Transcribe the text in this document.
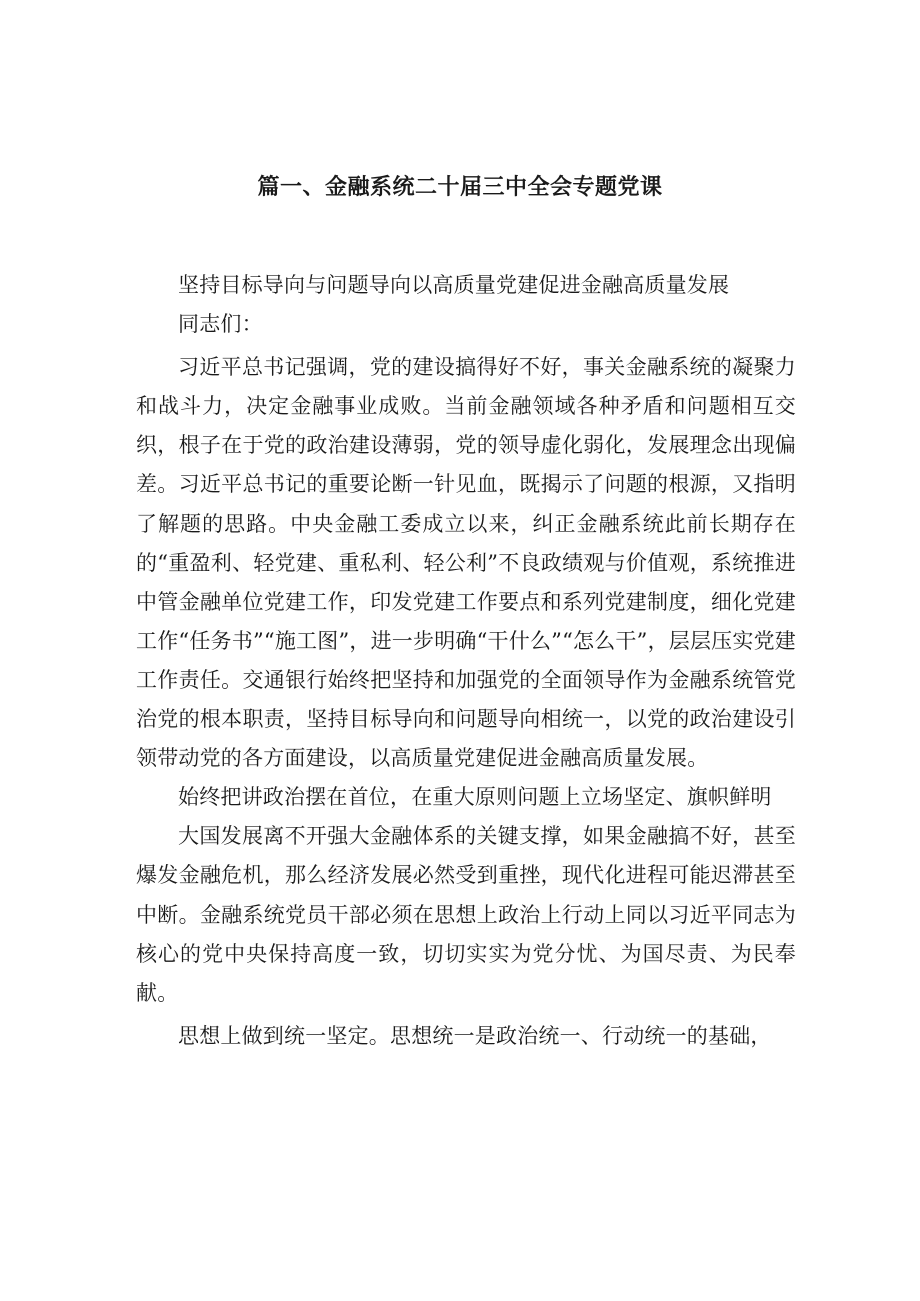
篇一、金融系统二十届三中全会专题党课

坚持目标导向与问题导向以高质量党建促进金融高质量发展

同志们：

习近平总书记强调，党的建设搞得好不好，事关金融系统的凝聚力和战斗力，决定金融事业成败。当前金融领域各种矛盾和问题相互交织，根子在于党的政治建设薄弱，党的领导虚化弱化，发展理念出现偏差。习近平总书记的重要论断一针见血，既揭示了问题的根源，又指明了解题的思路。中央金融工委成立以来，纠正金融系统此前长期存在的“重盈利、轻党建、重私利、轻公利”不良政绩观与价值观，系统推进中管金融单位党建工作，印发党建工作要点和系列党建制度，细化党建工作“任务书”“施工图”，进一步明确“干什么”“怎么干”，层层压实党建工作责任。交通银行始终把坚持和加强党的全面领导作为金融系统管党治党的根本职责，坚持目标导向和问题导向相统一，以党的政治建设引领带动党的各方面建设，以高质量党建促进金融高质量发展。

始终把讲政治摆在首位，在重大原则问题上立场坚定、旗帜鲜明

大国发展离不开强大金融体系的关键支撑，如果金融搞不好，甚至爆发金融危机，那么经济发展必然受到重挫，现代化进程可能迟滞甚至中断。金融系统党员干部必须在思想上政治上行动上同以习近平同志为核心的党中央保持高度一致，切切实实为党分忧、为国尽责、为民奉献。

思想上做到统一坚定。思想统一是政治统一、行动统一的基础，
